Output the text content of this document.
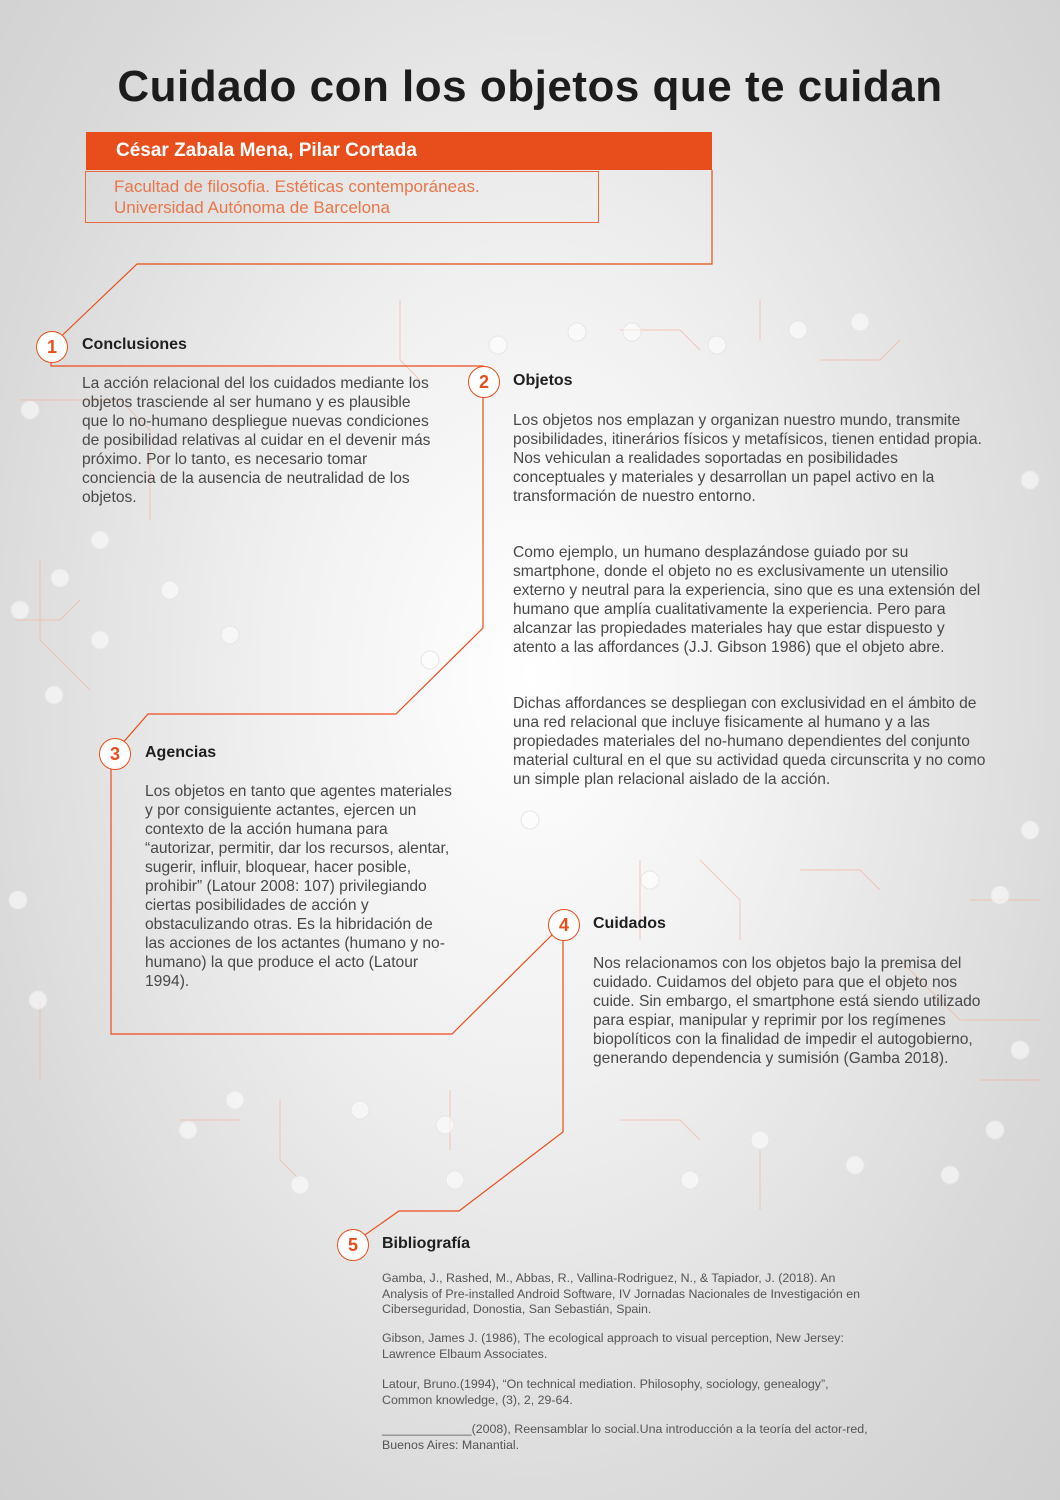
Cuidado con los objetos que te cuidan
César Zabala Mena, Pilar Cortada
Facultad de filosofia. Estéticas contemporáneas.
Universidad Autónoma de Barcelona
1	Conclusiones

La acción relacional del los cuidados mediante los objetos trasciende al ser humano y es plausible que lo no-humano despliegue nuevas condiciones de posibilidad relativas al cuidar en el devenir más próximo. Por lo tanto, es necesario tomar conciencia de la ausencia de neutralidad de los objetos.

2	Objetos

Los objetos nos emplazan y organizan nuestro mundo, transmite posibilidades, itinerários físicos y metafísicos, tienen entidad propia. Nos vehiculan a realidades soportadas en posibilidades conceptuales y materiales y desarrollan un papel activo en la transformación de nuestro entorno.

Como ejemplo, un humano desplazándose guiado por su smartphone, donde el objeto no es exclusivamente un utensilio externo y neutral para la experiencia, sino que es una extensión del humano que amplía cualitativamente la experiencia. Pero para alcanzar las propiedades materiales hay que estar dispuesto y atento a las affordances (J.J. Gibson 1986) que el objeto abre.

Dichas affordances se despliegan con exclusividad en el ámbito de una red relacional que incluye fisicamente al humano y a las propiedades materiales del no-humano dependientes del conjunto material cultural en el que su actividad queda circunscrita y no como un simple plan relacional aislado de la acción.

3	Agencias

Los objetos en tanto que agentes materiales y por consiguiente actantes, ejercen un contexto de la acción humana para “autorizar, permitir, dar los recursos, alentar, sugerir, influir, bloquear, hacer posible, prohibir” (Latour 2008: 107) privilegiando ciertas posibilidades de acción y obstaculizando otras. Es la hibridación de las acciones de los actantes (humano y no-humano) la que produce el acto (Latour 1994).

4	Cuidados

Nos relacionamos con los objetos bajo la premisa del cuidado. Cuidamos del objeto para que el objeto nos cuide. Sin embargo, el smartphone está siendo utilizado para espiar, manipular y reprimir por los regímenes biopolíticos con la finalidad de impedir el autogobierno, generando dependencia y sumisión (Gamba 2018).

5	Bibliografía

Gamba, J., Rashed, M., Abbas, R., Vallina-Rodriguez, N., & Tapiador, J. (2018). An Analysis of Pre-installed Android Software, IV Jornadas Nacionales de Investigación en Ciberseguridad, Donostia, San Sebastián, Spain.

Gibson, James J. (1986), The ecological approach to visual perception, New Jersey: Lawrence Elbaum Associates.

Latour, Bruno.(1994), “On technical mediation. Philosophy, sociology, genealogy”, Common knowledge, (3), 2, 29-64.

_____________(2008), Reensamblar lo social.Una introducción a la teoría del actor-red, Buenos Aires: Manantial.
